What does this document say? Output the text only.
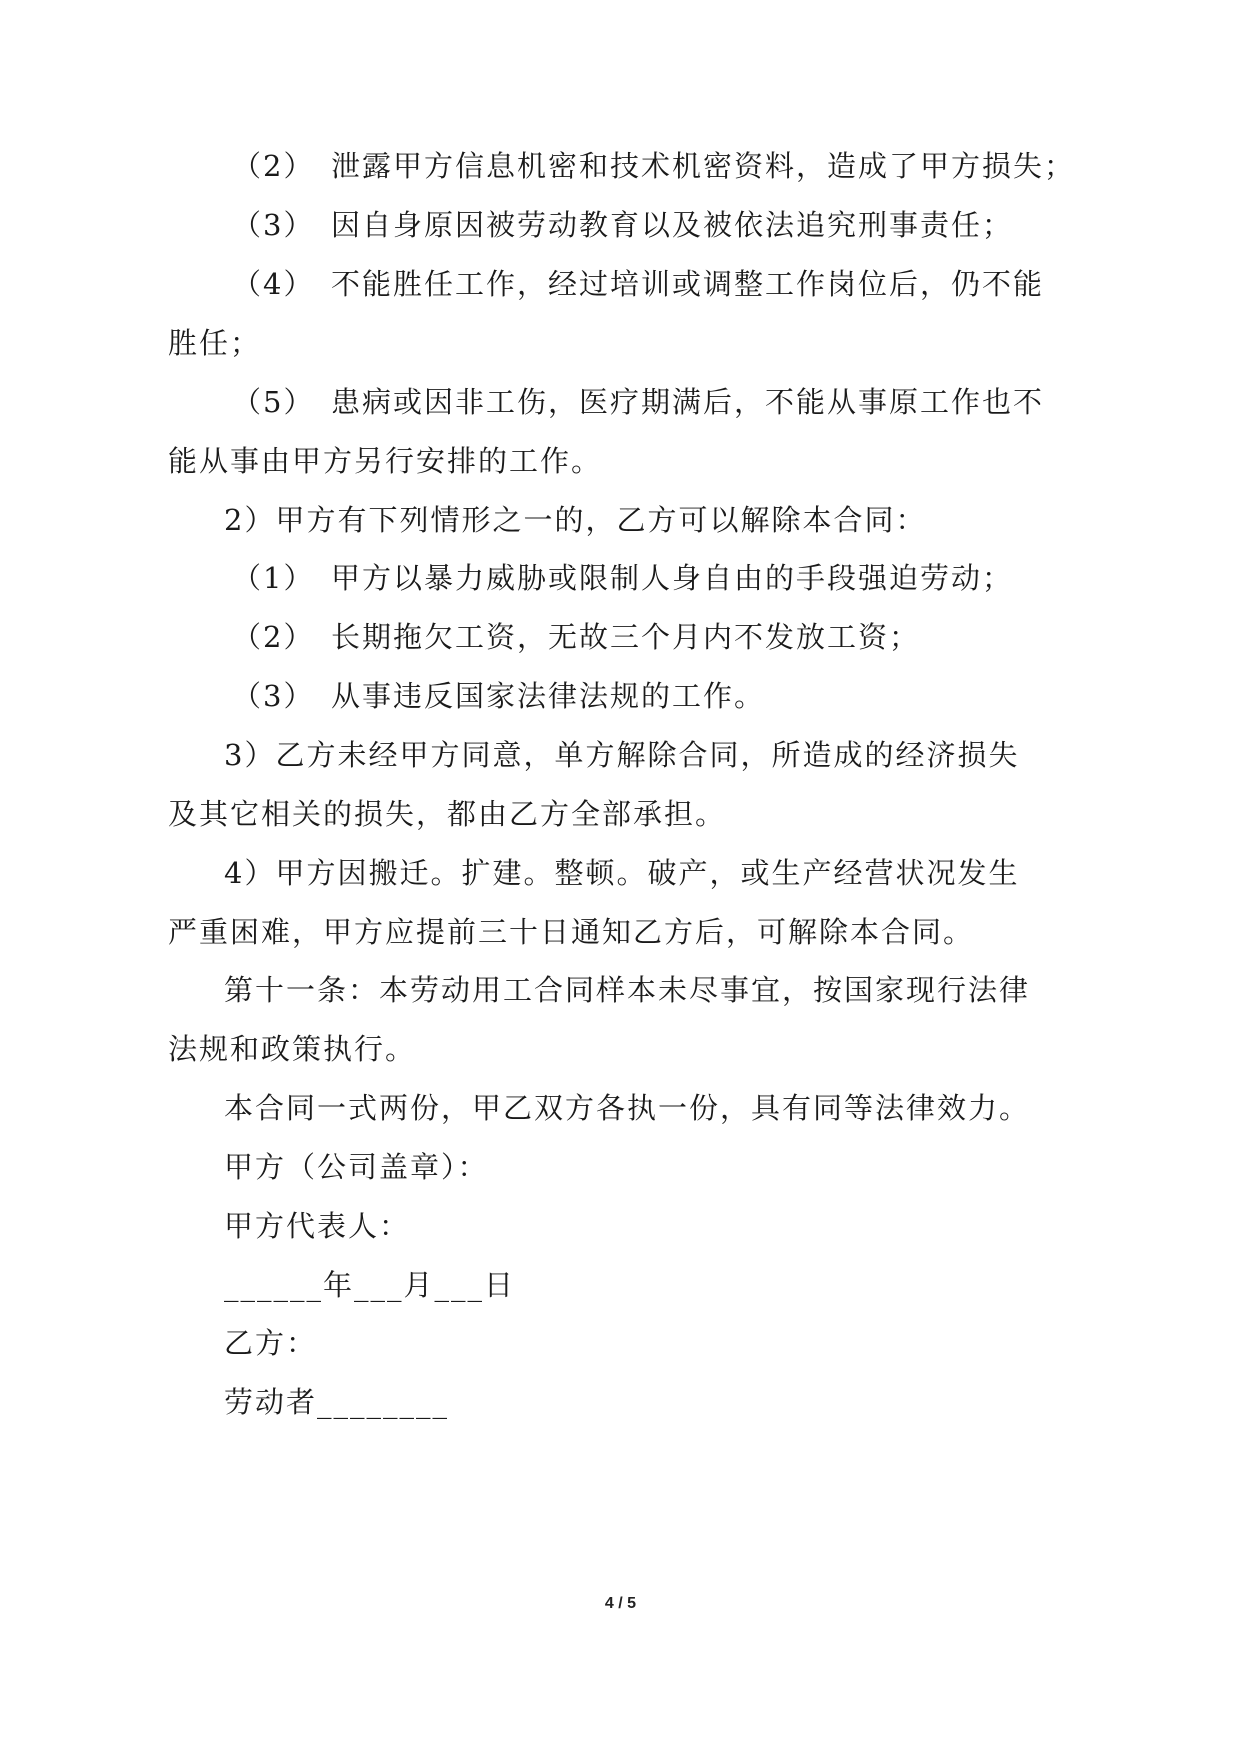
（2）　泄露甲方信息机密和技术机密资料，造成了甲方损失；
（3）　因自身原因被劳动教育以及被依法追究刑事责任；
（4）　不能胜任工作，经过培训或调整工作岗位后，仍不能
胜任；
（5）　患病或因非工伤，医疗期满后，不能从事原工作也不
能从事由甲方另行安排的工作。
2）甲方有下列情形之一的，乙方可以解除本合同：
（1）　甲方以暴力威胁或限制人身自由的手段强迫劳动；
（2）　长期拖欠工资，无故三个月内不发放工资；
（3）　从事违反国家法律法规的工作。
3）乙方未经甲方同意，单方解除合同，所造成的经济损失
及其它相关的损失，都由乙方全部承担。
4）甲方因搬迁。扩建。整顿。破产，或生产经营状况发生
严重困难，甲方应提前三十日通知乙方后，可解除本合同。
第十一条：本劳动用工合同样本未尽事宜，按国家现行法律
法规和政策执行。
本合同一式两份，甲乙双方各执一份，具有同等法律效力。
甲方（公司盖章）：
甲方代表人：
______年___月___日
乙方：
劳动者________
4 / 5
